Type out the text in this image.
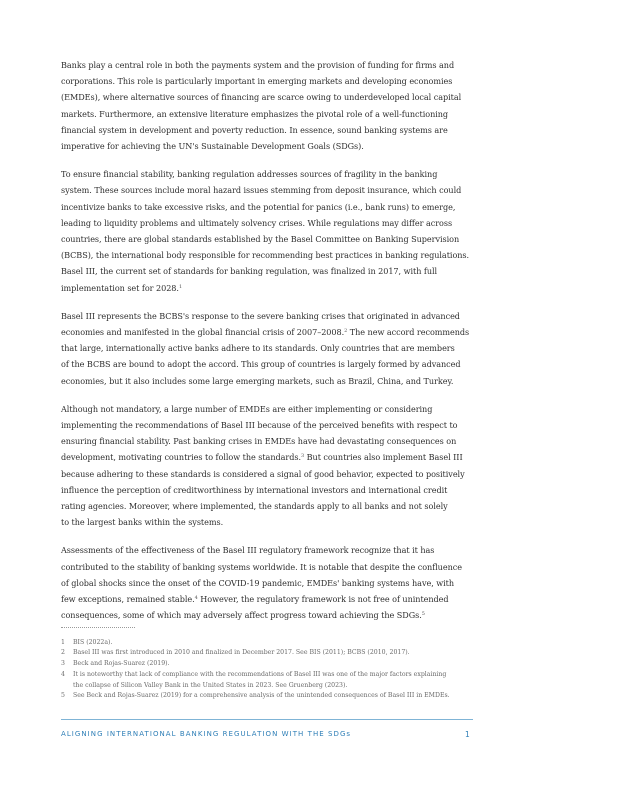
Banks play a central role in both the payments system and the provision of funding for firms and
corporations. This role is particularly important in emerging markets and developing economies
(EMDEs), where alternative sources of financing are scarce owing to underdeveloped local capital
markets. Furthermore, an extensive literature emphasizes the pivotal role of a well-functioning
financial system in development and poverty reduction. In essence, sound banking systems are
imperative for achieving the UN's Sustainable Development Goals (SDGs).

To ensure financial stability, banking regulation addresses sources of fragility in the banking
system. These sources include moral hazard issues stemming from deposit insurance, which could
incentivize banks to take excessive risks, and the potential for panics (i.e., bank runs) to emerge,
leading to liquidity problems and ultimately solvency crises. While regulations may differ across
countries, there are global standards established by the Basel Committee on Banking Supervision
(BCBS), the international body responsible for recommending best practices in banking regulations.
Basel III, the current set of standards for banking regulation, was finalized in 2017, with full
implementation set for 2028.$^1$

Basel III represents the BCBS's response to the severe banking crises that originated in advanced
economies and manifested in the global financial crisis of 2007–2008.$^2$ The new accord recommends
that large, internationally active banks adhere to its standards. Only countries that are members
of the BCBS are bound to adopt the accord. This group of countries is largely formed by advanced
economies, but it also includes some large emerging markets, such as Brazil, China, and Turkey.

Although not mandatory, a large number of EMDEs are either implementing or considering
implementing the recommendations of Basel III because of the perceived benefits with respect to
ensuring financial stability. Past banking crises in EMDEs have had devastating consequences on
development, motivating countries to follow the standards.$^3$ But countries also implement Basel III
because adhering to these standards is considered a signal of good behavior, expected to positively
influence the perception of creditworthiness by international investors and international credit
rating agencies. Moreover, where implemented, the standards apply to all banks and not solely
to the largest banks within the systems.

Assessments of the effectiveness of the Basel III regulatory framework recognize that it has
contributed to the stability of banking systems worldwide. It is notable that despite the confluence
of global shocks since the onset of the COVID-19 pandemic, EMDEs' banking systems have, with
few exceptions, remained stable.$^4$ However, the regulatory framework is not free of unintended
consequences, some of which may adversely affect progress toward achieving the SDGs.$^5$

1	BIS (2022a).
2	Basel III was first introduced in 2010 and finalized in December 2017. See BIS (2011); BCBS (2010, 2017).
3	Beck and Rojas-Suarez (2019).
4	It is noteworthy that lack of compliance with the recommendations of Basel III was one of the major factors explaining
the collapse of Silicon Valley Bank in the United States in 2023. See Gruenberg (2023).
5	See Beck and Rojas-Suarez (2019) for a comprehensive analysis of the unintended consequences of Basel III in EMDEs.
ALIGNING INTERNATIONAL BANKING REGULATION WITH THE SDGs	1
